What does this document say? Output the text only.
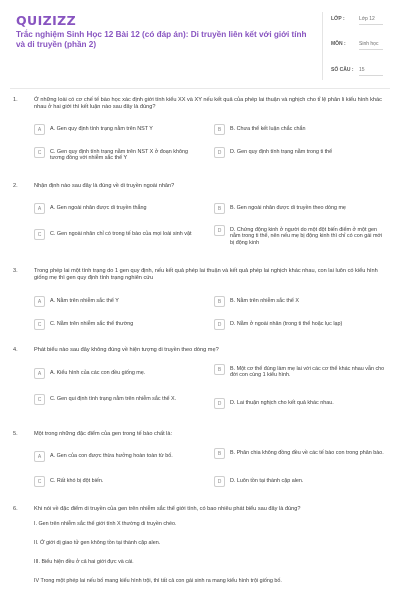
QUIZIZZ
Trắc nghiệm Sinh Học 12 Bài 12 (có đáp án): Di truyền liên kết với giới tính và di truyền (phần 2)
LỚP :	Lớp 12
MÔN :	Sinh học
SỐ CÂU : 15
1.	Ở những loài có cơ chế tế bào học xác định giới tính kiểu XX và XY nếu kết quả của phép lai thuận và nghịch cho tỉ lệ phân li kiểu hình khác nhau ở hai giới thì kết luận nào sau đây là đúng?
A	A. Gen quy định tính trạng nằm trên NST Y	B	B. Chưa thể kết luận chắc chắn
C	C. Gen quy định tính trạng nằm trên NST X ở đoạn không tương đồng với nhiễm sắc thể Y
D	D. Gen quy định tính trạng nằm trong ti thể
2.	Nhận định nào sau đây là đúng về di truyền ngoài nhân?
A	A. Gen ngoài nhân được di truyền thẳng	B	B. Gen ngoài nhân được di truyền theo dòng mẹ
C	C. Gen ngoài nhân chỉ có trong tế bào của mọi loài sinh vật	D	D. Chứng động kinh ở người do một đột biến điểm ở một gen nằm trong ti thể, nên nếu mẹ bị động kinh thì chỉ có con gái mới bị động kinh
3.	Trong phép lai một tính trạng do 1 gen quy định, nếu kết quả phép lai thuận và kết quả phép lai nghịch khác nhau, con lai luôn có kiểu hình giống mẹ thì gen quy định tính trạng nghiên cứu
A	A. Nằm trên nhiễm sắc thể Y	B	B. Nằm trên nhiễm sắc thể X
C	C. Nằm trên nhiễm sắc thể thường	D	D. Nằm ở ngoài nhân (trong ti thể hoặc lục lạp)
4.	Phát biểu nào sau đây không đúng về hiện tượng di truyền theo dòng mẹ?
A	A. Kiểu hình của các con đều giống mẹ.	B	B. Một cơ thể đúng làm mẹ lai với các cơ thể khác nhau vẫn cho đời con cùng 1 kiểu hình.
C	C. Gen qui định tính trạng nằm trên nhiễm sắc thể X.
D	D. Lai thuận nghịch cho kết quả khác nhau.
5.	Một trong những đặc điểm của gen trong tế bào chất là:
A	A. Gen của con được thừa hưởng hoàn toàn từ bố.	B	B. Phân chia không đồng đều về các tế bào con trong phân bào.
C	C. Rất khó bị đột biến.	D	D. Luôn tồn tại thành cặp alen.
6.	Khi nói về đặc điểm di truyền của gen trên nhiễm sắc thể giới tính, có bao nhiêu phát biểu sau đây là đúng?
I. Gen trên nhiễm sắc thể giới tính X thường di truyền chéo.
II. Ở giới dị giao tử gen không tồn tại thành cặp alen.
III. Biểu hiện đều ở cả hai giới đực và cái.
IV Trong một phép lai nếu bố mang kiểu hình trội, thì tất cả con gái sinh ra mang kiểu hình trội giống bố.
